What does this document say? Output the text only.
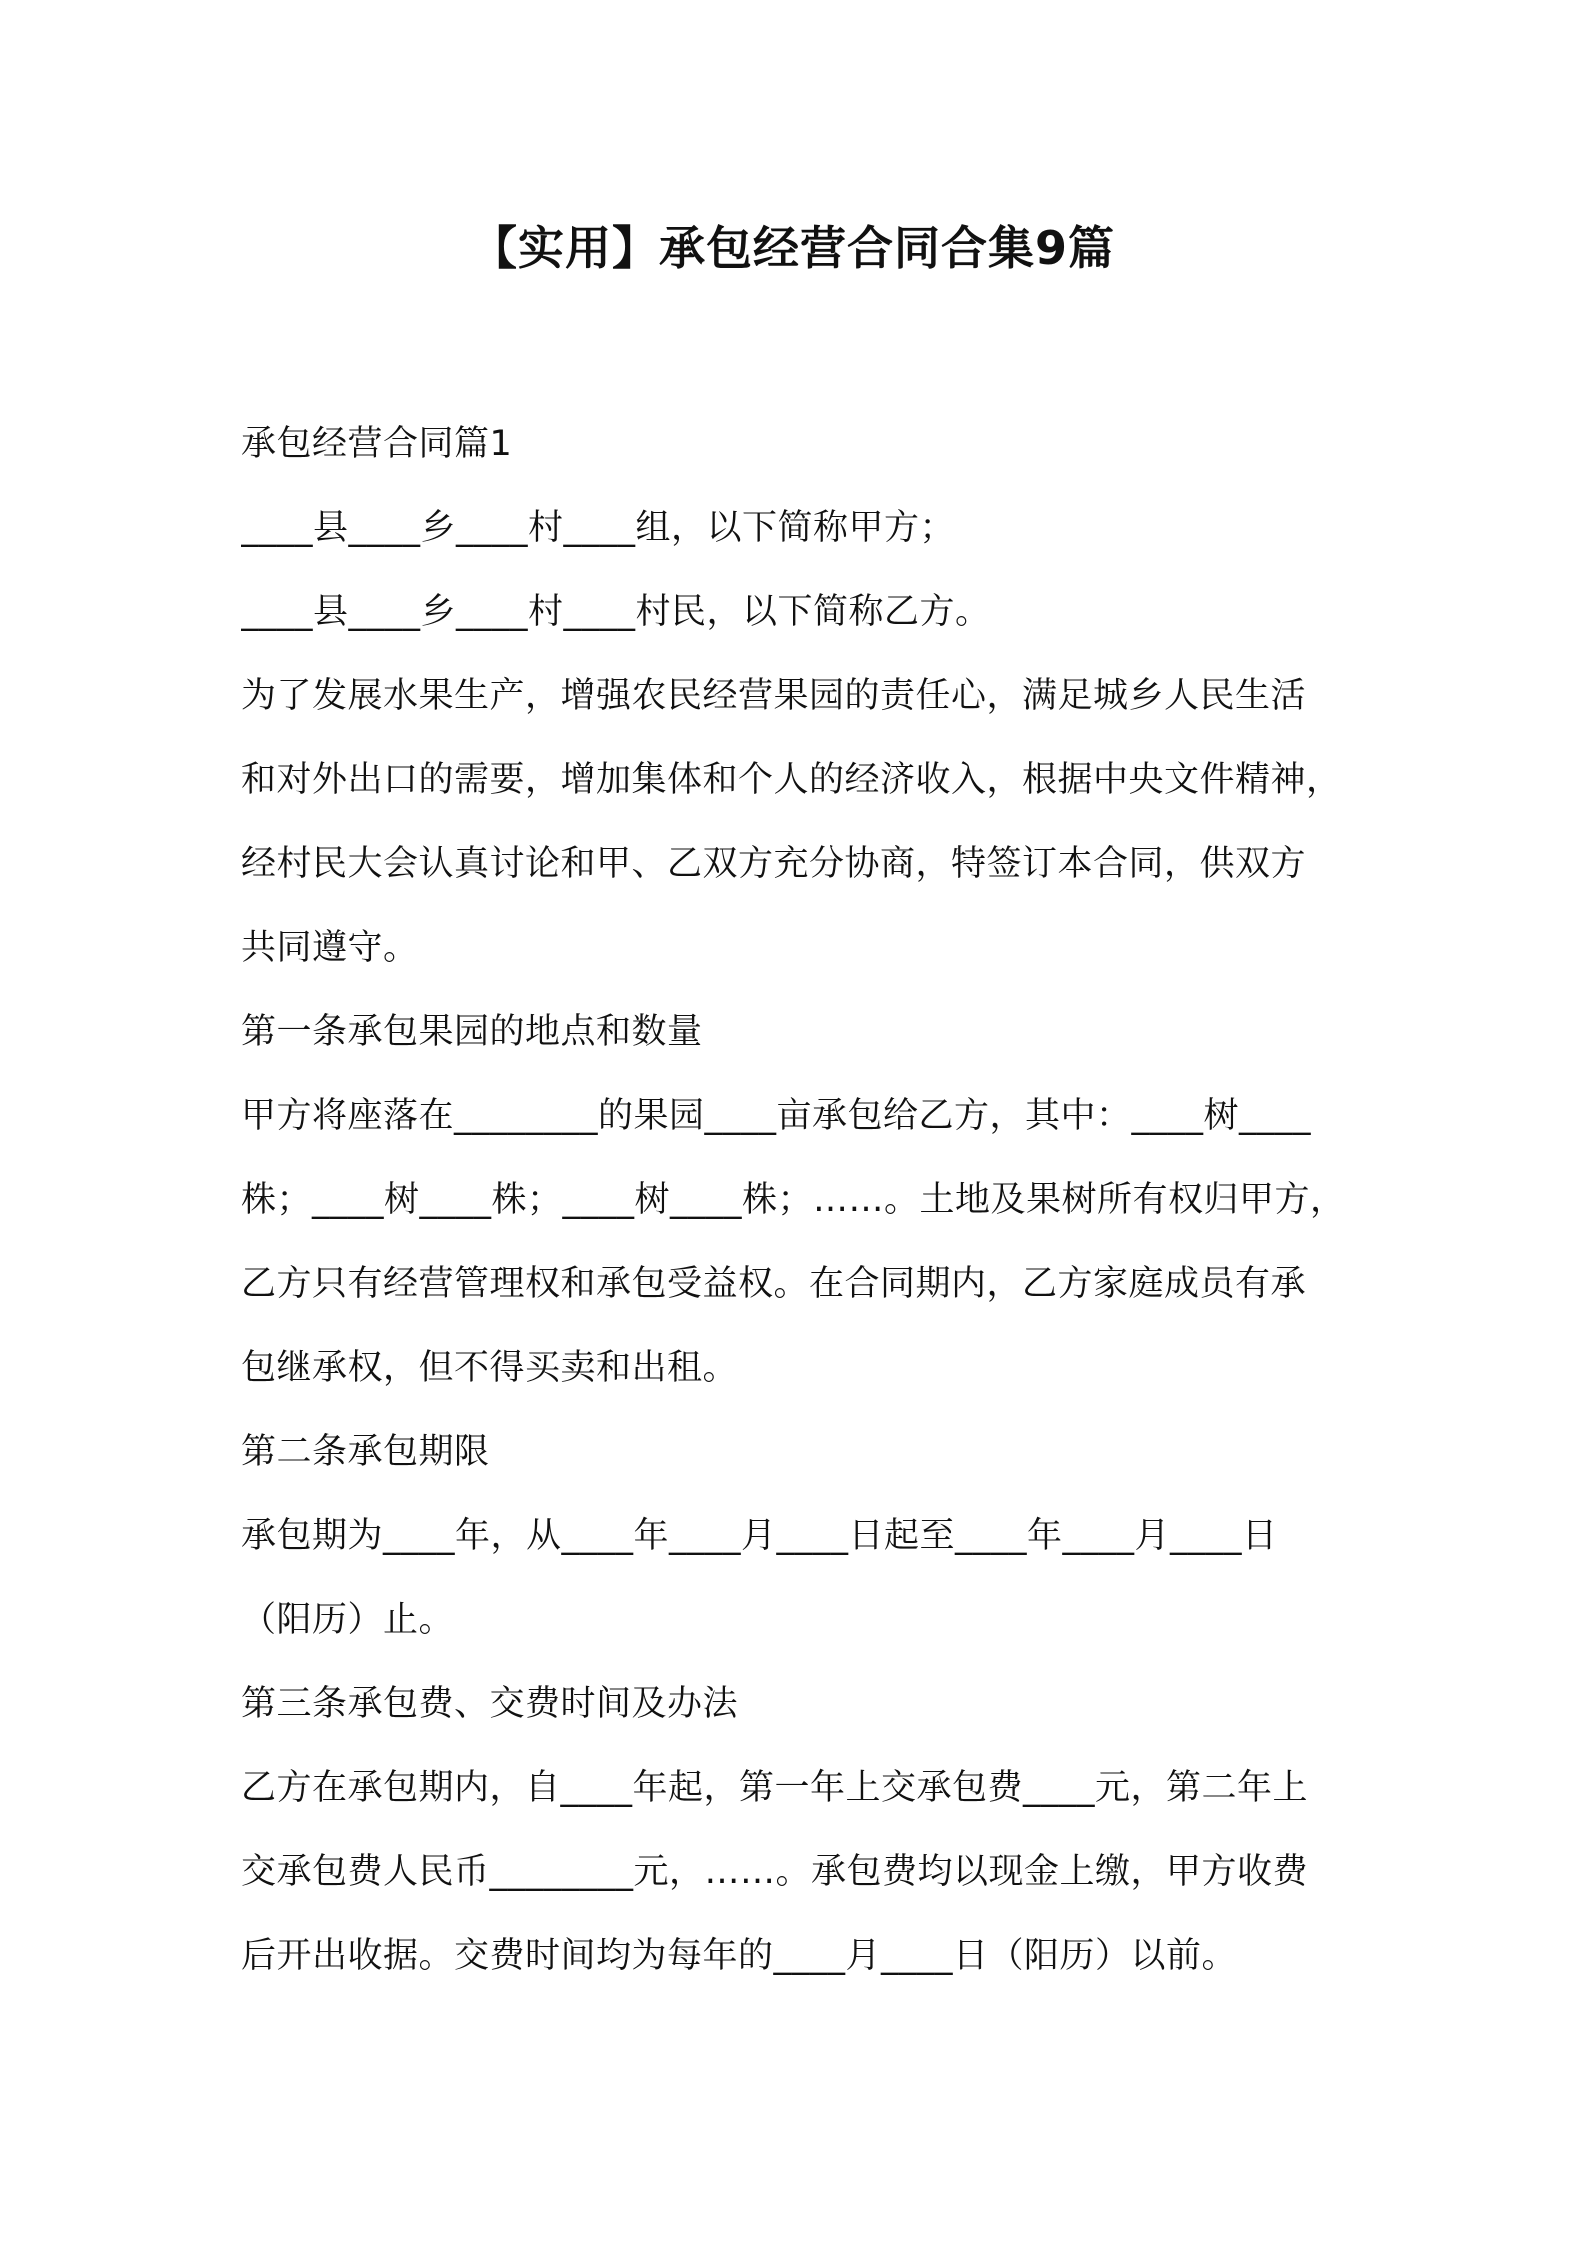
【实用】承包经营合同合集9篇

承包经营合同篇1

____县____乡____村____组，以下简称甲方；

____县____乡____村____村民，以下简称乙方。

为了发展水果生产，增强农民经营果园的责任心，满足城乡人民生活

和对外出口的需要，增加集体和个人的经济收入，根据中央文件精神，

经村民大会认真讨论和甲、乙双方充分协商，特签订本合同，供双方

共同遵守。

第一条承包果园的地点和数量

甲方将座落在________的果园____亩承包给乙方，其中：____树____

株；____树____株；____树____株；……。土地及果树所有权归甲方，

乙方只有经营管理权和承包受益权。在合同期内，乙方家庭成员有承

包继承权，但不得买卖和出租。

第二条承包期限

承包期为____年，从____年____月____日起至____年____月____日

（阳历）止。

第三条承包费、交费时间及办法

乙方在承包期内，自____年起，第一年上交承包费____元，第二年上

交承包费人民币________元，……。承包费均以现金上缴，甲方收费

后开出收据。交费时间均为每年的____月____日（阳历）以前。
